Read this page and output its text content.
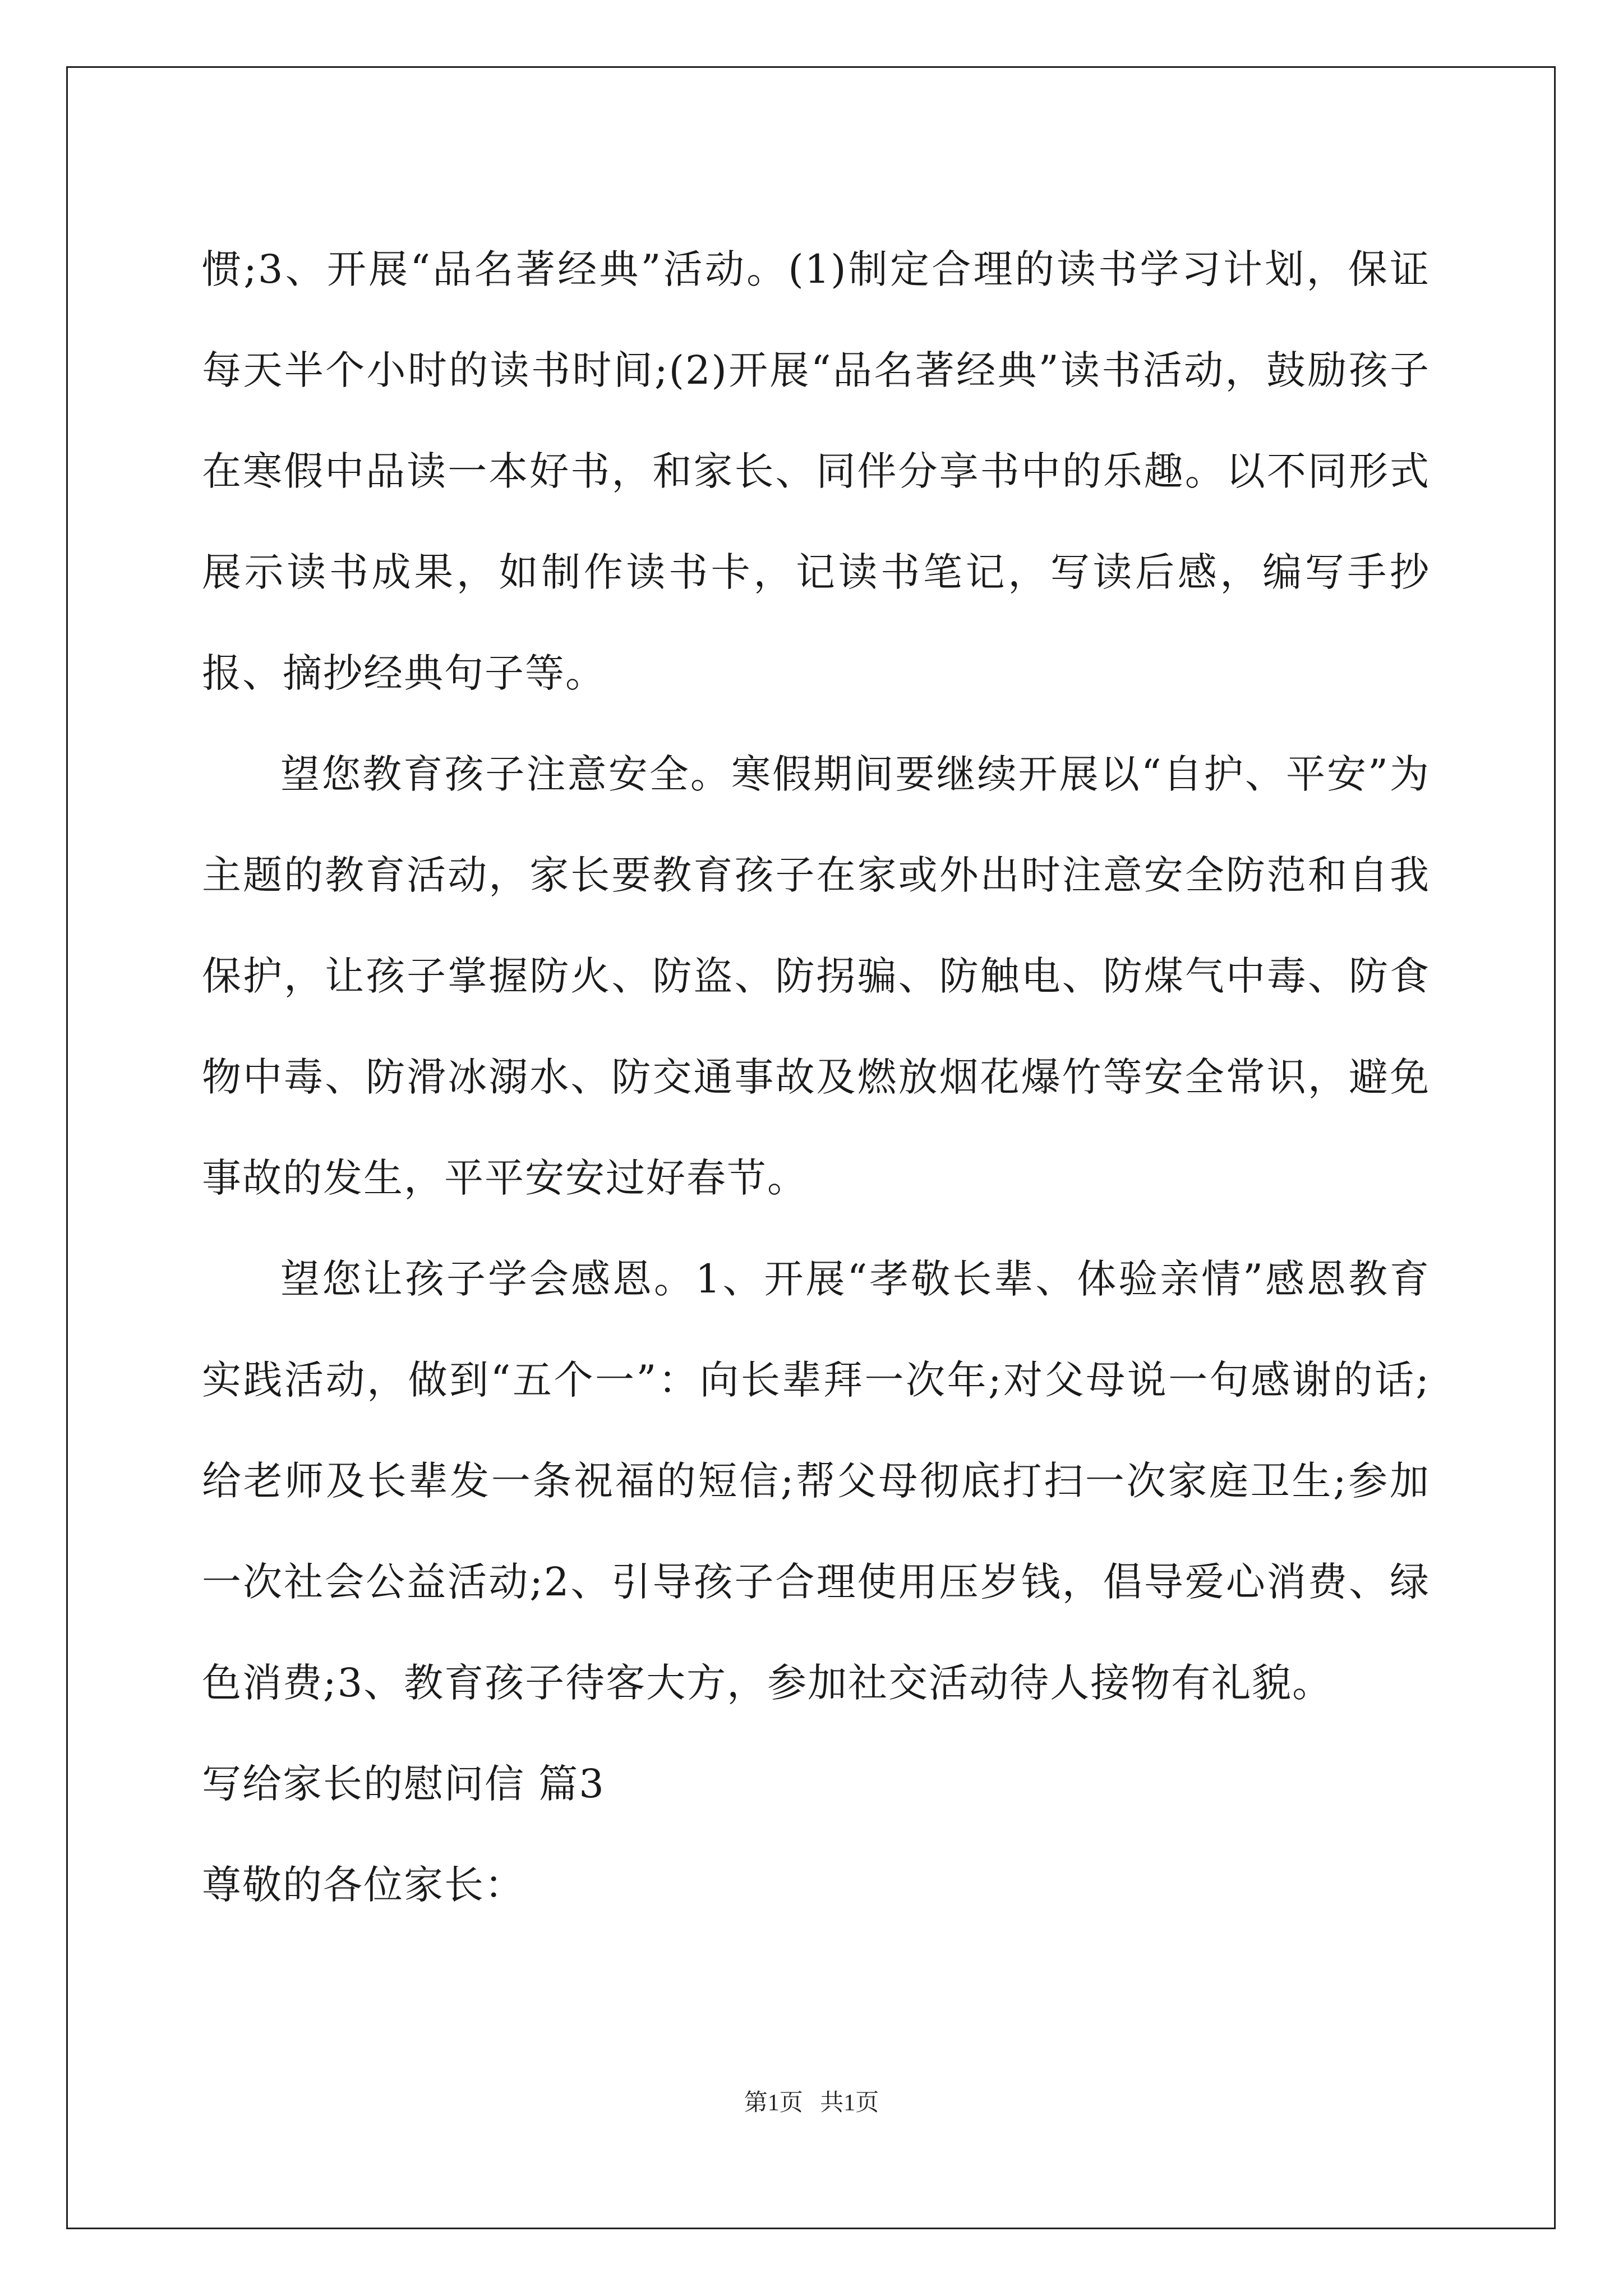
惯;3、开展“品名著经典”活动。(1)制定合理的读书学习计划，保证每天半个小时的读书时间;(2)开展“品名著经典”读书活动，鼓励孩子在寒假中品读一本好书，和家长、同伴分享书中的乐趣。以不同形式展示读书成果，如制作读书卡，记读书笔记，写读后感，编写手抄报、摘抄经典句子等。

望您教育孩子注意安全。寒假期间要继续开展以“自护、平安”为主题的教育活动，家长要教育孩子在家或外出时注意安全防范和自我保护，让孩子掌握防火、防盗、防拐骗、防触电、防煤气中毒、防食物中毒、防滑冰溺水、防交通事故及燃放烟花爆竹等安全常识，避免事故的发生，平平安安过好春节。

望您让孩子学会感恩。1、开展“孝敬长辈、体验亲情”感恩教育实践活动，做到“五个一”：向长辈拜一次年;对父母说一句感谢的话;给老师及长辈发一条祝福的短信;帮父母彻底打扫一次家庭卫生;参加一次社会公益活动;2、引导孩子合理使用压岁钱，倡导爱心消费、绿色消费;3、教育孩子待客大方，参加社交活动待人接物有礼貌。

写给家长的慰问信 篇3

尊敬的各位家长：

第1页 共1页
